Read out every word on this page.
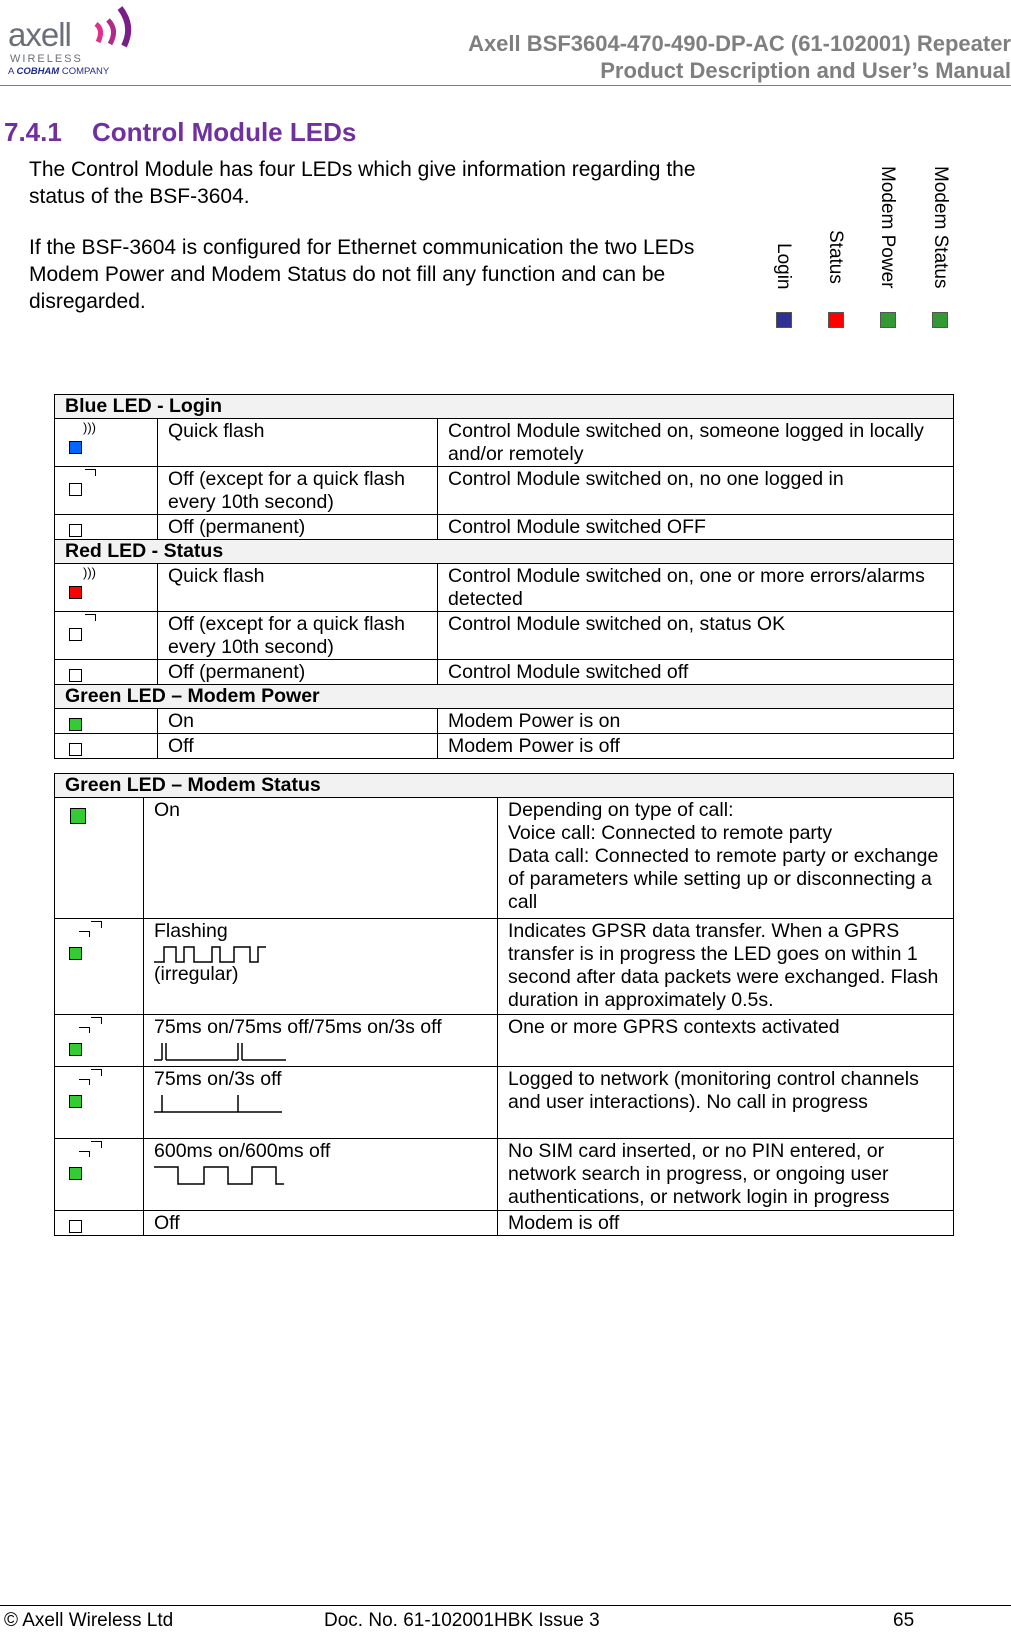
axell
WIRELESS
A COBHAM COMPANY
Axell BSF3604-470-490-DP-AC (61-102001) Repeater
Product Description and User’s Manual
7.4.1 Control Module LEDs

The Control Module has four LEDs which give information regarding the status of the BSF-3604.

If the BSF-3604 is configured for Ethernet communication the two LEDs Modem Power and Modem Status do not fill any function and can be disregarded.

Login Status Modem Power Modem Status
Blue LED - Login		

)))	Quick flash	Control Module switched on, someone logged in locally and/or remotely

	Off (except for a quick flash every 10th second)	Control Module switched on, no one logged in

	Off (permanent)	Control Module switched OFF
Red LED - Status		

)))	Quick flash	Control Module switched on, one or more errors/alarms detected

	Off (except for a quick flash every 10th second)	Control Module switched on, status OK

	Off (permanent)	Control Module switched off
Green LED – Modem Power		

	On	Modem Power is on

	Off	Modem Power is off
Green LED – Modem Status		

	On	Depending on type of call:
Voice call: Connected to remote party
Data call: Connected to remote party or exchange of parameters while setting up or disconnecting a call

	Flashing
(irregular)	Indicates GPSR data transfer. When a GPRS transfer is in progress the LED goes on within 1 second after data packets were exchanged. Flash duration in approximately 0.5s.

	75ms on/75ms off/75ms on/3s off	One or more GPRS contexts activated

	75ms on/3s off	Logged to network (monitoring control channels and user interactions). No call in progress

	600ms on/600ms off	No SIM card inserted, or no PIN entered, or network search in progress, or ongoing user authentications, or network login in progress

	Off	Modem is off
© Axell Wireless Ltd	Doc. No. 61-102001HBK Issue 3	65
